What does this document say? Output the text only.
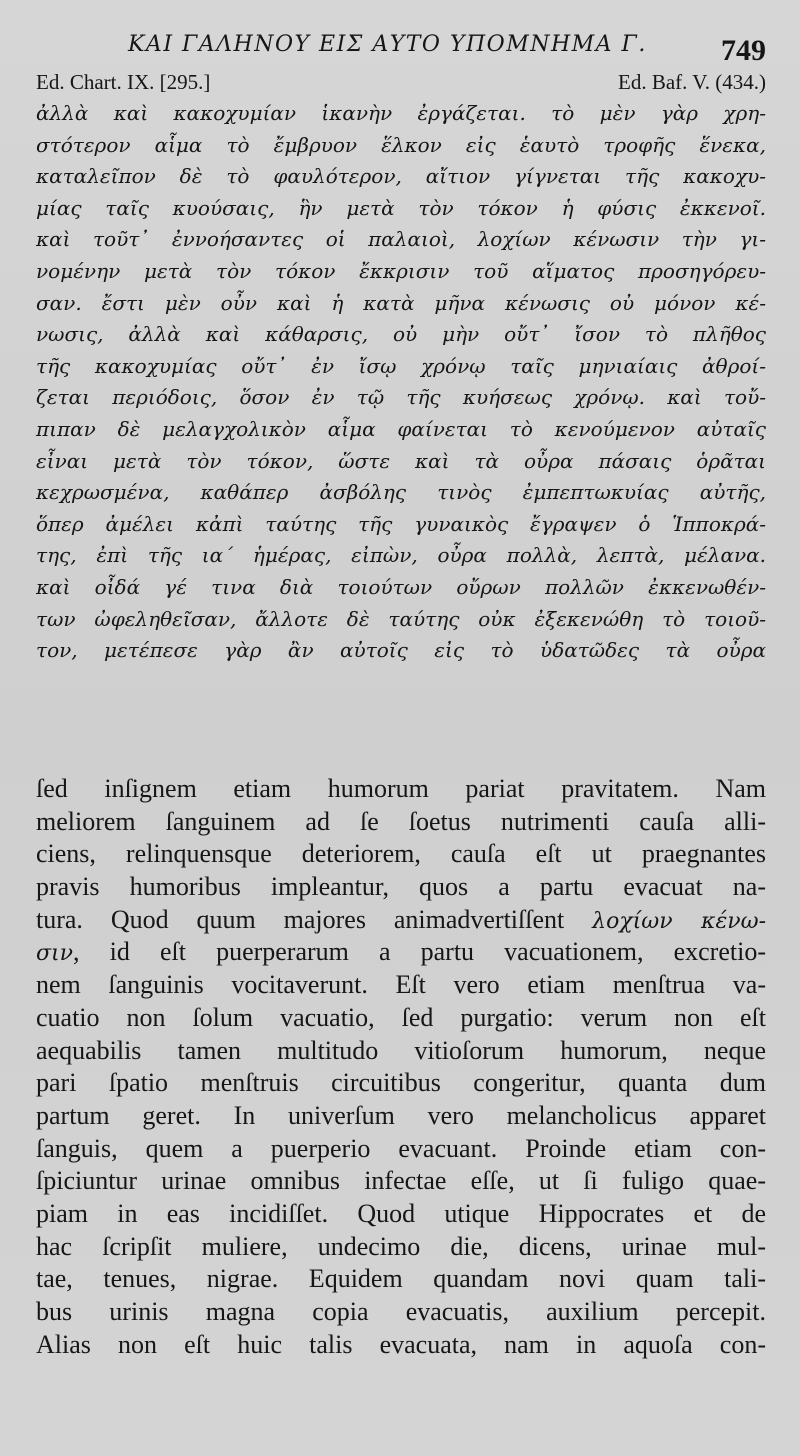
ΚΑΙ ΓΑΛΗΝΟΥ ΕΙΣ ΑΥΤΟ ΥΠΟΜΝΗΜΑ Γ. 749
Ed. Chart. IX. [295.]	Ed. Baf. V. (434.)
ἀλλὰ καὶ κακοχυμίαν ἱκανὴν ἐργάζεται. τὸ μὲν γὰρ χρη-
στότερον αἷμα τὸ ἔμβρυον ἕλκον εἰς ἑαυτὸ τροφῆς ἕνεκα,
καταλεῖπον δὲ τὸ φαυλότερον, αἴτιον γίγνεται τῆς κακοχυ-
μίας ταῖς κυούσαις, ἣν μετὰ τὸν τόκον ἡ φύσις ἐκκενοῖ.
καὶ τοῦτ᾽ ἐννοήσαντες οἱ παλαιοὶ, λοχίων κένωσιν τὴν γι-
νομένην μετὰ τὸν τόκον ἔκκρισιν τοῦ αἵματος προσηγόρευ-
σαν. ἔστι μὲν οὖν καὶ ἡ κατὰ μῆνα κένωσις οὐ μόνον κέ-
νωσις, ἀλλὰ καὶ κάθαρσις, οὐ μὴν οὔτ᾽ ἴσον τὸ πλῆθος
τῆς κακοχυμίας οὔτ᾽ ἐν ἴσῳ χρόνῳ ταῖς μηνιαίαις ἀθροί-
ζεται περιόδοις, ὅσον ἐν τῷ τῆς κυήσεως χρόνῳ. καὶ τοὔ-
πιπαν δὲ μελαγχολικὸν αἷμα φαίνεται τὸ κενούμενον αὐταῖς
εἶναι μετὰ τὸν τόκον, ὥστε καὶ τὰ οὖρα πάσαις ὁρᾶται
κεχρωσμένα, καθάπερ ἀσβόλης τινὸς ἐμπεπτωκυίας αὐτῆς,
ὅπερ ἀμέλει κἀπὶ ταύτης τῆς γυναικὸς ἔγραψεν ὁ Ἱπποκρά-
της, ἐπὶ τῆς ια΄ ἡμέρας, εἰπὼν, οὖρα πολλὰ, λεπτὰ, μέλανα.
καὶ οἶδά γέ τινα διὰ τοιούτων οὔρων πολλῶν ἐκκενωθέν-
των ὠφεληθεῖσαν, ἄλλοτε δὲ ταύτης οὐκ ἐξεκενώθη τὸ τοιοῦ-
τον, μετέπεσε γὰρ ἂν αὐτοῖς εἰς τὸ ὑδατῶδες τὰ οὖρα
ſed inſignem etiam humorum pariat pravitatem. Nam
meliorem ſanguinem ad ſe ſoetus nutrimenti cauſa alli-
ciens, relinquensque deteriorem, cauſa eſt ut praegnantes
pravis humoribus impleantur, quos a partu evacuat na-
tura. Quod quum majores animadvertiſſent λοχίων κένω-
σιν, id eſt puerperarum a partu vacuationem, excretio-
nem ſanguinis vocitaverunt. Eſt vero etiam menſtrua va-
cuatio non ſolum vacuatio, ſed purgatio: verum non eſt
aequabilis tamen multitudo vitioſorum humorum, neque
pari ſpatio menſtruis circuitibus congeritur, quanta dum
partum geret. In univerſum vero melancholicus apparet
ſanguis, quem a puerperio evacuant. Proinde etiam con-
ſpiciuntur urinae omnibus infectae eſſe, ut ſi fuligo quae-
piam in eas incidiſſet. Quod utique Hippocrates et de
hac ſcripſit muliere, undecimo die, dicens, urinae mul-
tae, tenues, nigrae. Equidem quandam novi quam tali-
bus urinis magna copia evacuatis, auxilium percepit.
Alias non eſt huic talis evacuata, nam in aquoſa con-
